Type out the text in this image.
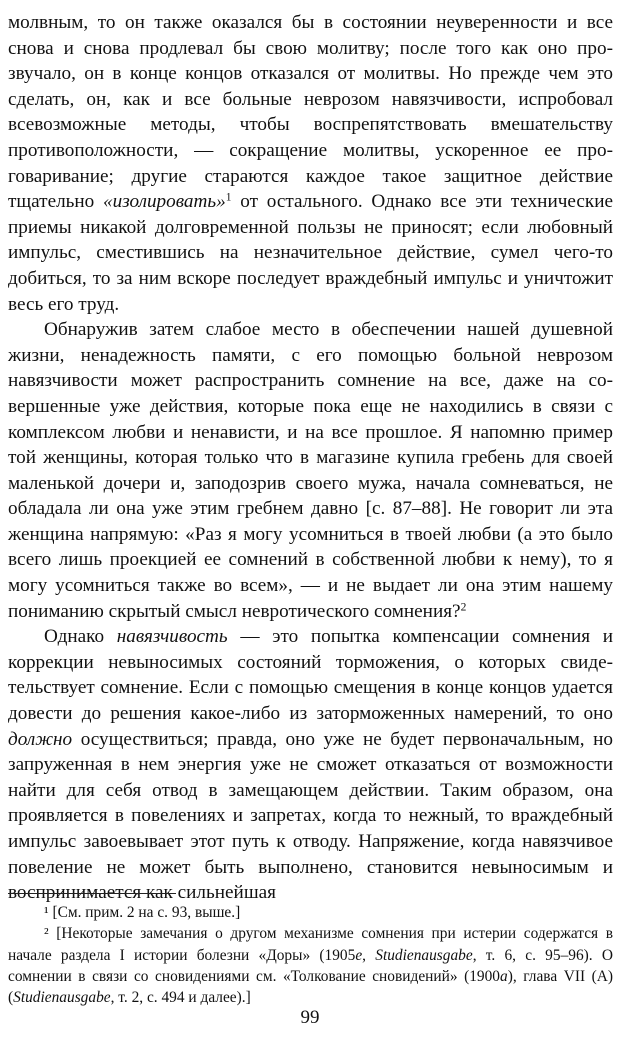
молвным, то он также оказался бы в состоянии неуверенности и все снова и снова продлевал бы свою молитву; после того как оно прозвучало, он в конце концов отказался от молитвы. Но прежде чем это сделать, он, как и все больные неврозом навязчивости, испробовал всевозможные методы, чтобы воспрепятствовать вмешательству противоположности, — сокращение молитвы, ускоренное ее проговаривание; другие стараются каждое такое защитное действие тщательно «изолировать»$^1$ от остального. Однако все эти технические приемы никакой долговременной пользы не приносят; если любовный импульс, сместившись на незначительное действие, сумел чего-то добиться, то за ним вскоре последует враждебный импульс и уничтожит весь его труд.

Обнаружив затем слабое место в обеспечении нашей душевной жизни, ненадежность памяти, с его помощью больной неврозом навязчивости может распространить сомнение на все, даже на совершенные уже действия, которые пока еще не находились в связи с комплексом любви и ненависти, и на все прошлое. Я напомню пример той женщины, которая только что в магазине купила гребень для своей маленькой дочери и, заподозрив своего мужа, начала сомневаться, не обладала ли она уже этим гребнем давно [с. 87–88]. Не говорит ли эта женщина напрямую: «Раз я могу усомниться в твоей любви (а это было всего лишь проекцией ее сомнений в собственной любви к нему), то я могу усомниться также во всем», — и не выдает ли она этим нашему пониманию скрытый смысл невротического сомнения?$^2$

Однако навязчивость — это попытка компенсации сомнения и коррекции невыносимых состояний торможения, о которых свидетельствует сомнение. Если с помощью смещения в конце концов удается довести до решения какое-либо из заторможенных намерений, то оно должно осуществиться; правда, оно уже не будет первоначальным, но запруженная в нем энергия уже не сможет отказаться от возможности найти для себя отвод в замещающем действии. Таким образом, она проявляется в повелениях и запретах, когда то нежный, то враждебный импульс завоевывает этот путь к отводу. Напряжение, когда навязчивое повеление не может быть выполнено, становится невыносимым и воспринимается как сильнейшая

¹ [См. прим. 2 на с. 93, выше.]

² [Некоторые замечания о другом механизме сомнения при истерии содержатся в начале раздела I истории болезни «Доры» (1905e, Studienausgabe, т. 6, с. 95–96). О сомнении в связи со сновидениями см. «Толкование сновидений» (1900a), глава VII (A) (Studienausgabe, т. 2, с. 494 и далее).]

99
